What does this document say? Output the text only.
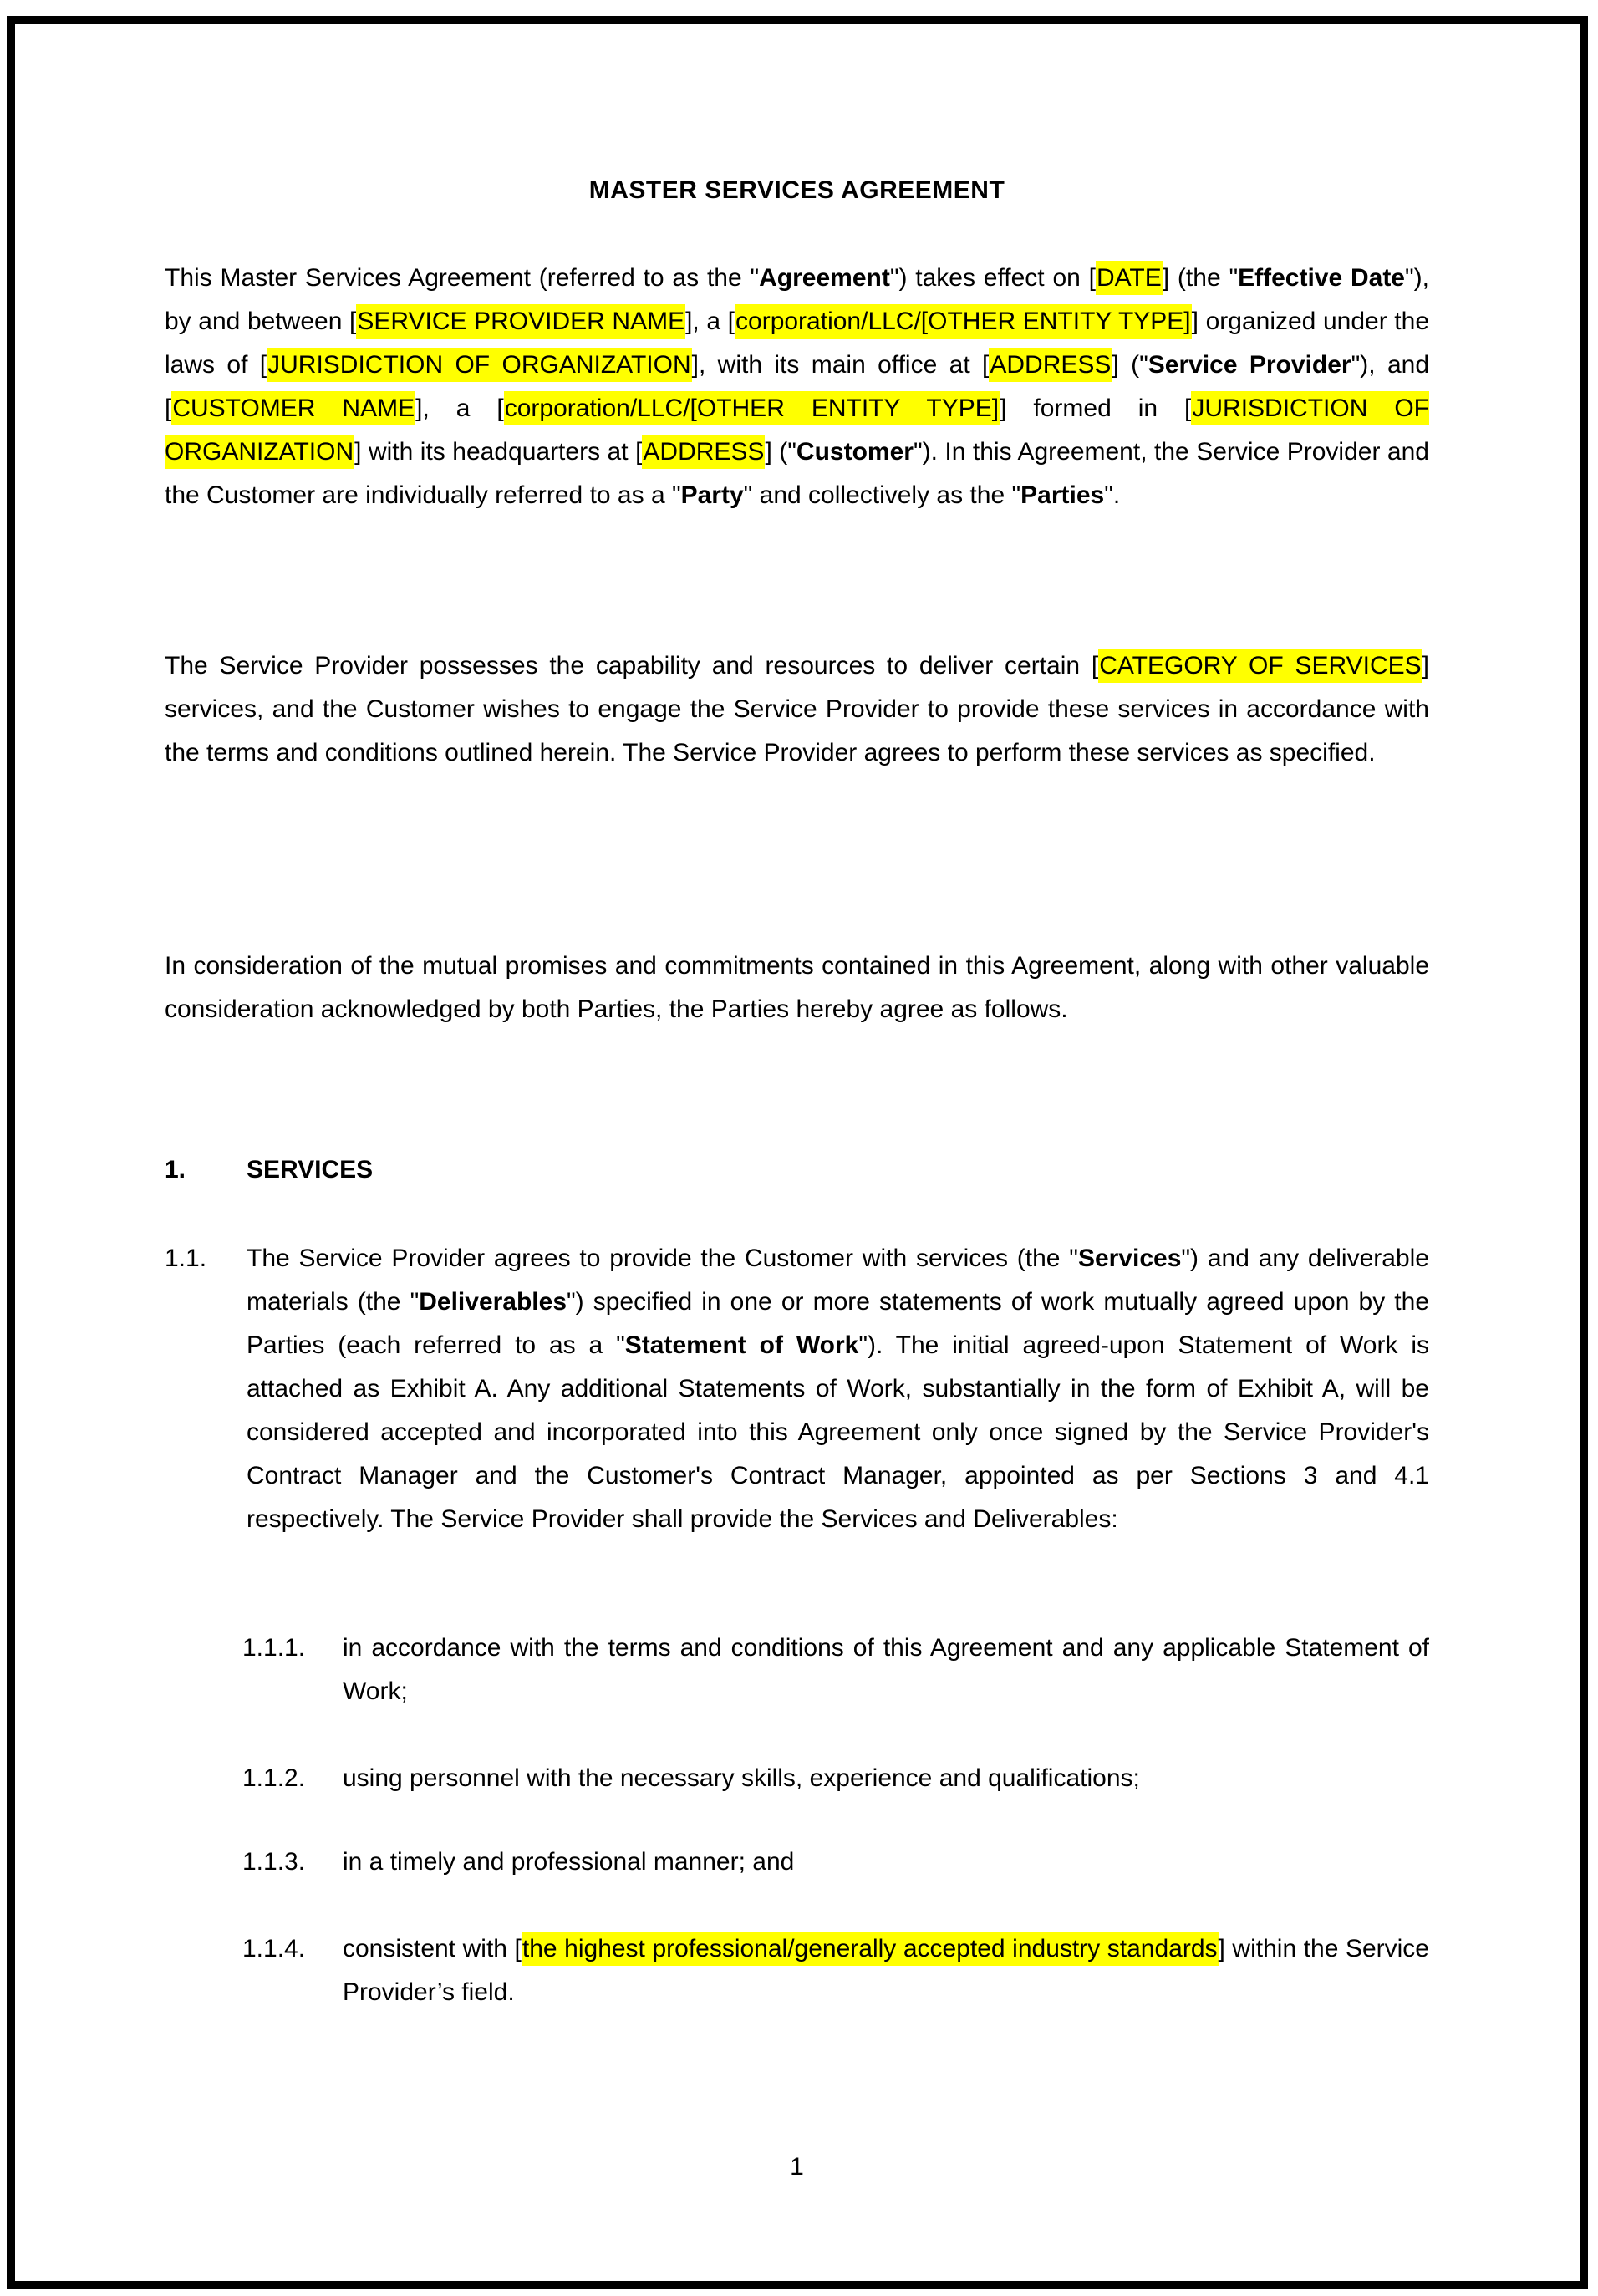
MASTER SERVICES AGREEMENT
This Master Services Agreement (referred to as the "Agreement") takes effect on [DATE] (the "Effective Date"), by and between [SERVICE PROVIDER NAME], a [corporation/LLC/[OTHER ENTITY TYPE]] organized under the laws of [JURISDICTION OF ORGANIZATION], with its main office at [ADDRESS] ("Service Provider"), and [CUSTOMER NAME], a [corporation/LLC/[OTHER ENTITY TYPE]] formed in [JURISDICTION OF ORGANIZATION] with its headquarters at [ADDRESS] ("Customer"). In this Agreement, the Service Provider and the Customer are individually referred to as a "Party" and collectively as the "Parties".
The Service Provider possesses the capability and resources to deliver certain [CATEGORY OF SERVICES] services, and the Customer wishes to engage the Service Provider to provide these services in accordance with the terms and conditions outlined herein. The Service Provider agrees to perform these services as specified.
In consideration of the mutual promises and commitments contained in this Agreement, along with other valuable consideration acknowledged by both Parties, the Parties hereby agree as follows.
1. SERVICES
1.1. The Service Provider agrees to provide the Customer with services (the "Services") and any deliverable materials (the "Deliverables") specified in one or more statements of work mutually agreed upon by the Parties (each referred to as a "Statement of Work"). The initial agreed-upon Statement of Work is attached as Exhibit A. Any additional Statements of Work, substantially in the form of Exhibit A, will be considered accepted and incorporated into this Agreement only once signed by the Service Provider's Contract Manager and the Customer's Contract Manager, appointed as per Sections 3 and 4.1 respectively. The Service Provider shall provide the Services and Deliverables:
1.1.1. in accordance with the terms and conditions of this Agreement and any applicable Statement of Work;
1.1.2. using personnel with the necessary skills, experience and qualifications;
1.1.3. in a timely and professional manner; and
1.1.4. consistent with [the highest professional/generally accepted industry standards] within the Service Provider’s field.
1
